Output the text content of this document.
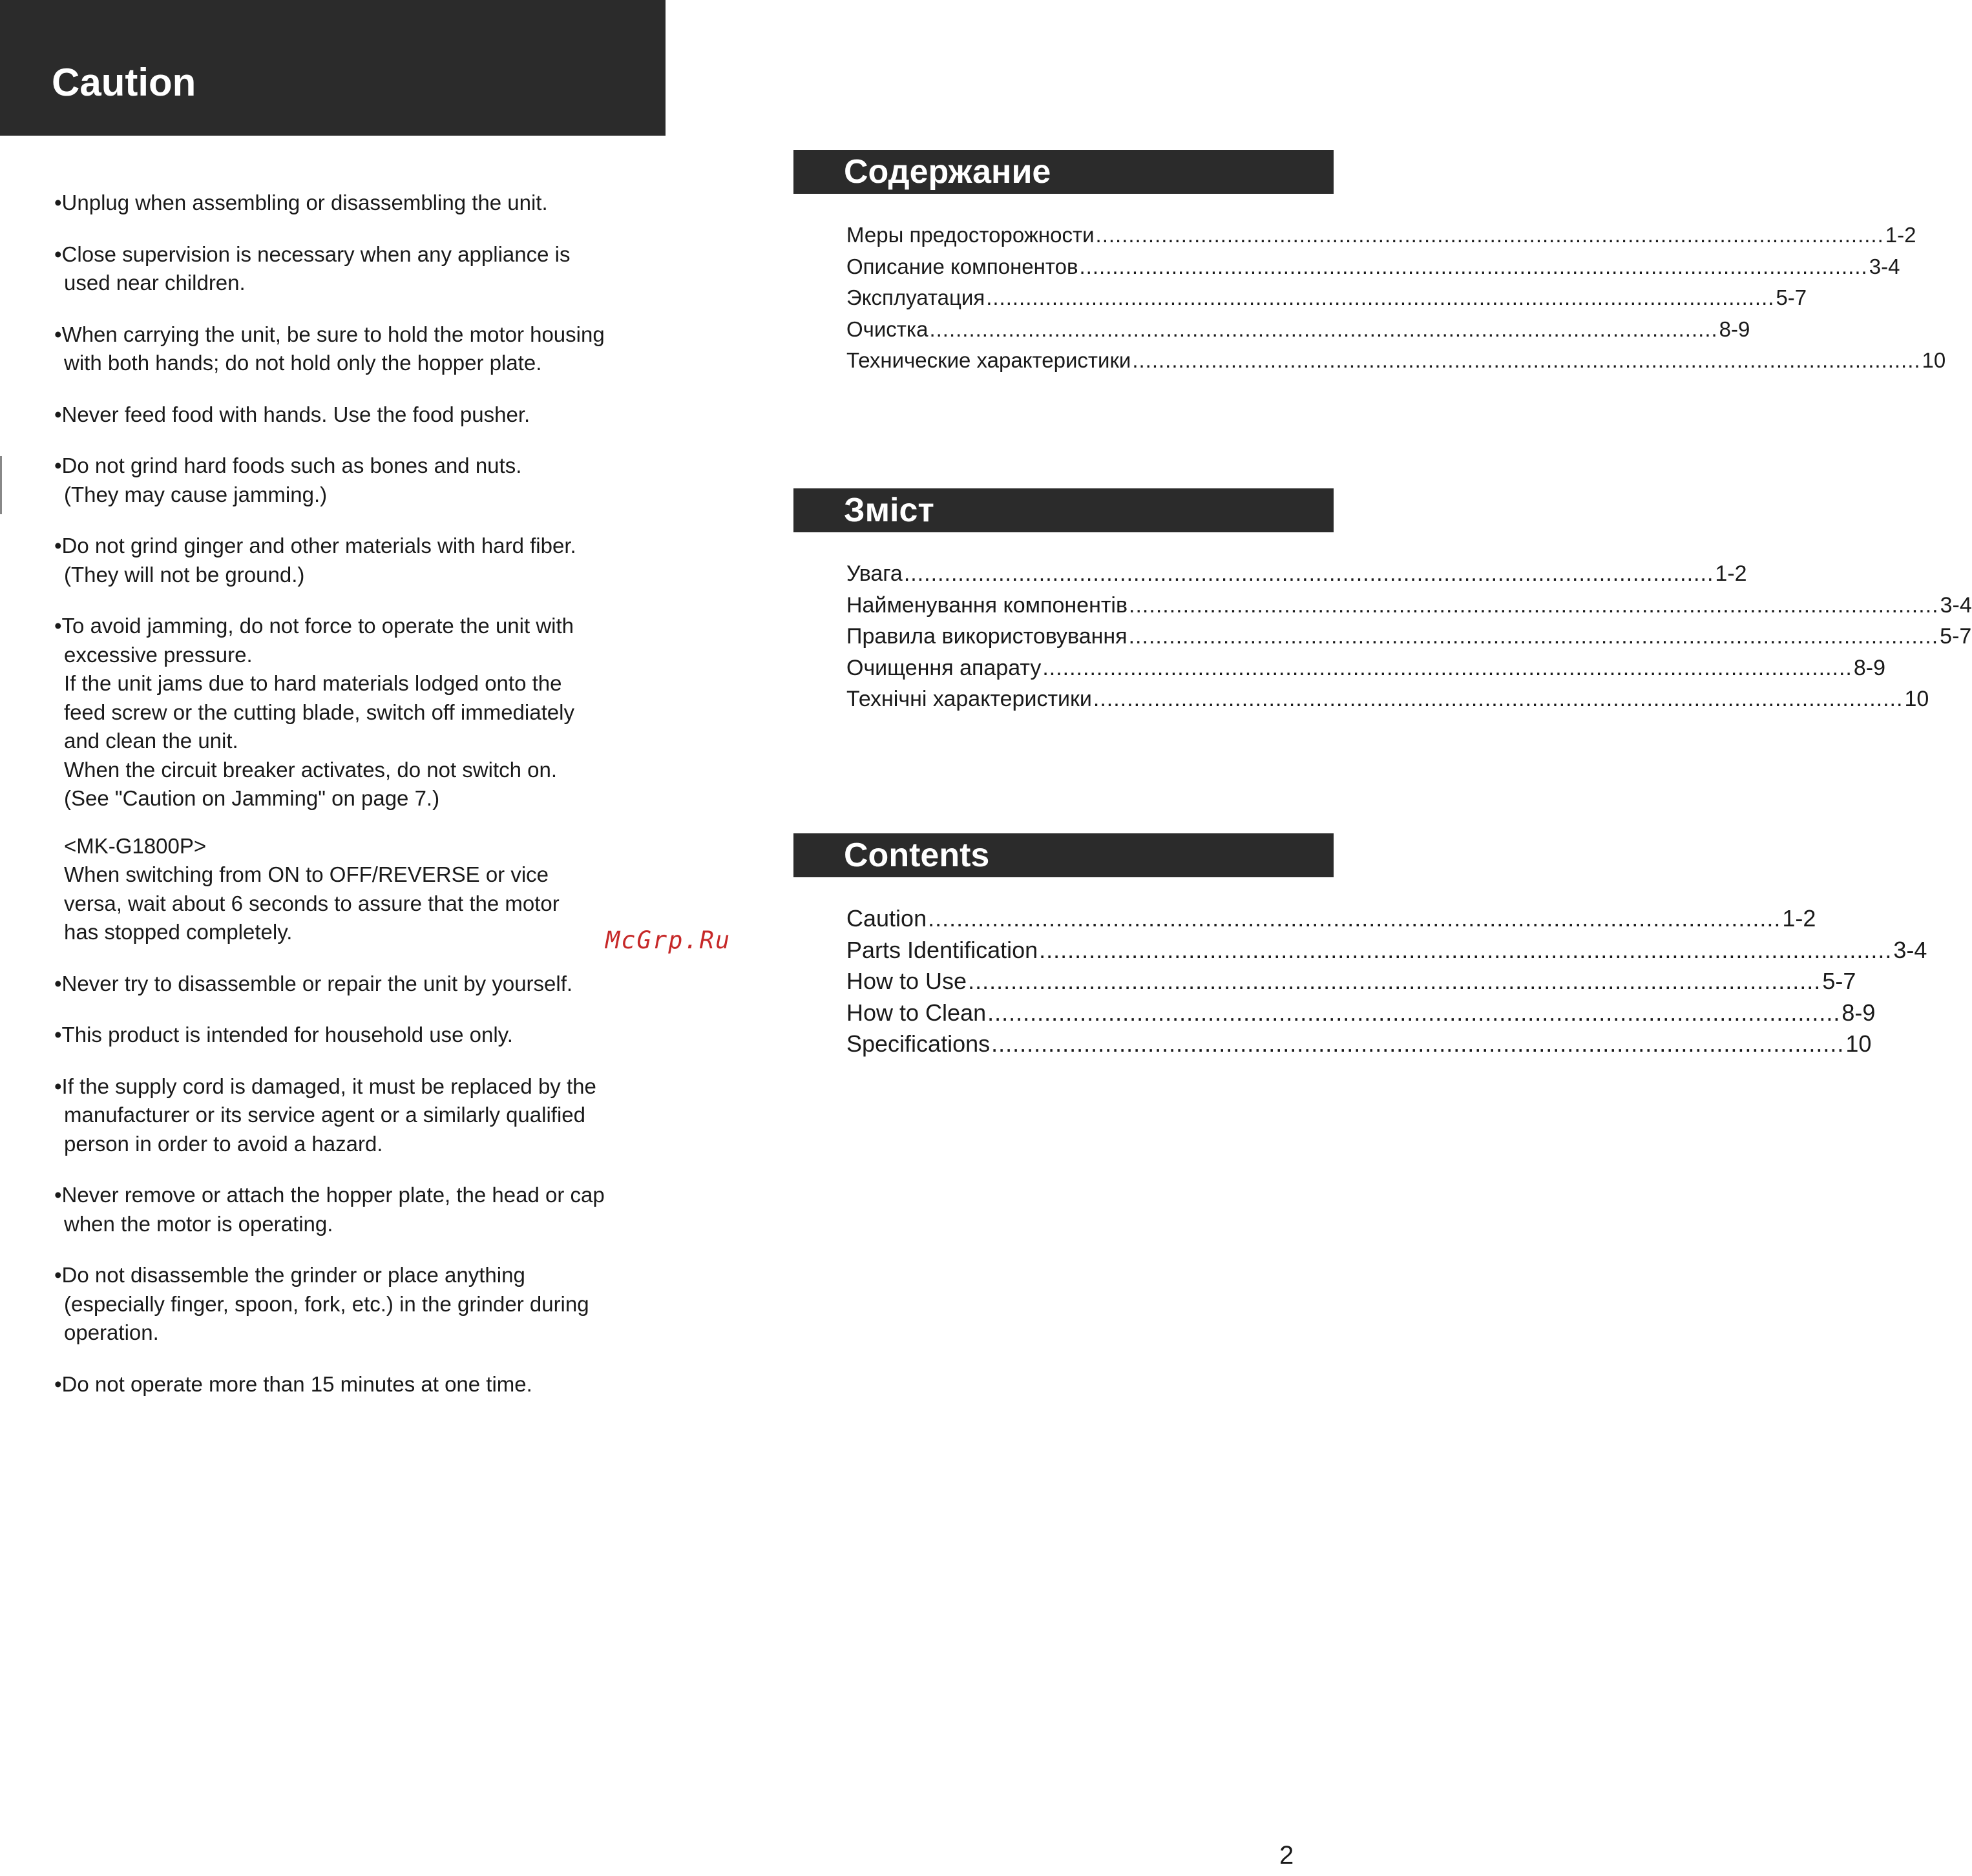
Caution
•Unplug when assembling or disassembling the unit.
•Close supervision is necessary when any appliance is
used near children.
•When carrying the unit, be sure to hold the motor housing
with both hands; do not hold only the hopper plate.
•Never feed food with hands. Use the food pusher.
•Do not grind hard foods such as bones and nuts.
(They may cause jamming.)
•Do not grind ginger and other materials with hard fiber.
(They will not be ground.)
•To avoid jamming, do not force to operate the unit with
excessive pressure.
If the unit jams due to hard materials lodged onto the
feed screw or the cutting blade, switch off immediately
and clean the unit.
When the circuit breaker activates, do not switch on.
(See "Caution on Jamming" on page 7.)
<MK-G1800P>
When switching from ON to OFF/REVERSE or vice
versa, wait about 6 seconds to assure that the motor
has stopped completely.
•Never try to disassemble or repair the unit by yourself.
•This product is intended for household use only.
•If the supply cord is damaged, it must be replaced by the
manufacturer or its service agent or a similarly qualified
person in order to avoid a hazard.
•Never remove or attach the hopper plate, the head or cap
when the motor is operating.
•Do not disassemble the grinder or place anything
(especially finger, spoon, fork, etc.) in the grinder during
operation.
•Do not operate more than 15 minutes at one time.
McGrp.Ru
Содержание
Меры предосторожности ........................................................................................................................ 1-2
Описание компонентов ........................................................................................................................ 3-4
Эксплуатация ........................................................................................................................ 5-7
Очистка ........................................................................................................................ 8-9
Технические характеристики ........................................................................................................................ 10
Зміст
Увага ........................................................................................................................ 1-2
Найменування компонентів ........................................................................................................................ 3-4
Правила використовування ........................................................................................................................ 5-7
Очищення апарату ........................................................................................................................ 8-9
Технічні характеристики ........................................................................................................................ 10
Contents
Caution ........................................................................................................................ 1-2
Parts Identification ........................................................................................................................ 3-4
How to Use ........................................................................................................................ 5-7
How to Clean ........................................................................................................................ 8-9
Specifications ........................................................................................................................ 10
2
